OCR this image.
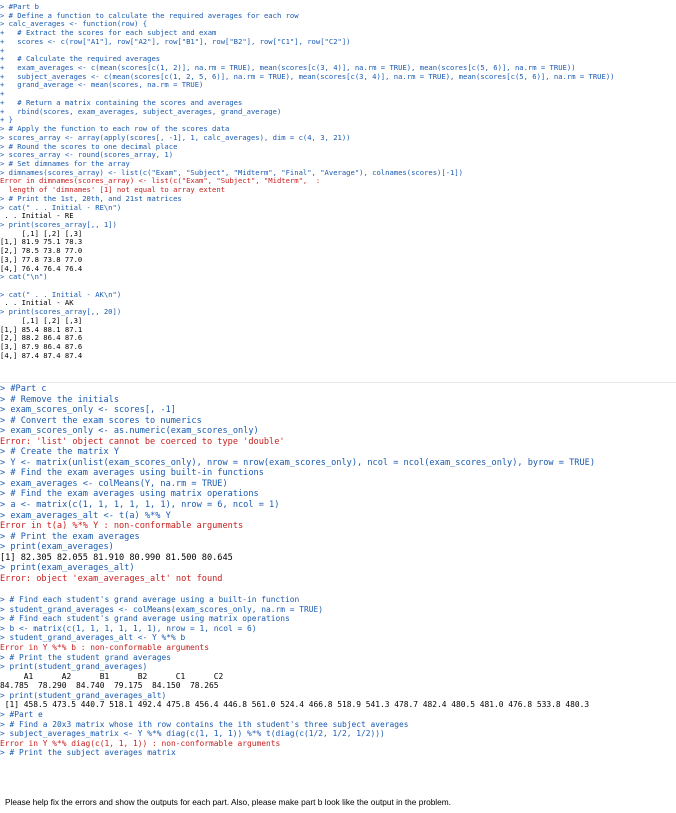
> #Part b
> # Define a function to calculate the required averages for each row
> calc_averages <- function(row) {
+   # Extract the scores for each subject and exam
+   scores <- c(row["A1"], row["A2"], row["B1"], row["B2"], row["C1"], row["C2"])
+
+   # Calculate the required averages
+   exam_averages <- c(mean(scores[c(1, 2)], na.rm = TRUE), mean(scores[c(3, 4)], na.rm = TRUE), mean(scores[c(5, 6)], na.rm = TRUE))
+   subject_averages <- c(mean(scores[c(1, 2, 5, 6)], na.rm = TRUE), mean(scores[c(3, 4)], na.rm = TRUE), mean(scores[c(5, 6)], na.rm = TRUE))
+   grand_average <- mean(scores, na.rm = TRUE)
+
+   # Return a matrix containing the scores and averages
+   rbind(scores, exam_averages, subject_averages, grand_average)
+ }
> # Apply the function to each row of the scores data
> scores_array <- array(apply(scores[, -1], 1, calc_averages), dim = c(4, 3, 21))
> # Round the scores to one decimal place
> scores_array <- round(scores_array, 1)
> # Set dimnames for the array
> dimnames(scores_array) <- list(c("Exam", "Subject", "Midterm", "Final", "Average"), colnames(scores)[-1])
Error in dimnames(scores_array) <- list(c("Exam", "Subject", "Midterm",  :
length of 'dimnames' [1] not equal to array extent
> # Print the 1st, 20th, and 21st matrices
> cat(" . . Initial - RE\n")
. . Initial - RE
> print(scores_array[,, 1])
[,1] [,2] [,3]
[1,] 81.9 75.1 78.3
[2,] 78.5 73.8 77.0
[3,] 77.8 73.8 77.0
[4,] 76.4 76.4 76.4
> cat("\n")

> cat(" . . Initial - AK\n")
. . Initial - AK
> print(scores_array[,, 20])
[,1] [,2] [,3]
[1,] 85.4 88.1 87.1
[2,] 88.2 86.4 87.6
[3,] 87.9 86.4 87.6
[4,] 87.4 87.4 87.4
> #Part c
> # Remove the initials
> exam_scores_only <- scores[, -1]
> # Convert the exam scores to numerics
> exam_scores_only <- as.numeric(exam_scores_only)
Error: 'list' object cannot be coerced to type 'double'
> # Create the matrix Y
> Y <- matrix(unlist(exam_scores_only), nrow = nrow(exam_scores_only), ncol = ncol(exam_scores_only), byrow = TRUE)
> # Find the exam averages using built-in functions
> exam_averages <- colMeans(Y, na.rm = TRUE)
> # Find the exam averages using matrix operations
> a <- matrix(c(1, 1, 1, 1, 1, 1), nrow = 6, ncol = 1)
> exam_averages_alt <- t(a) %*% Y
Error in t(a) %*% Y : non-conformable arguments
> # Print the exam averages
> print(exam_averages)
[1] 82.305 82.055 81.910 80.990 81.500 80.645
> print(exam_averages_alt)
Error: object 'exam_averages_alt' not found

> # Find each student's grand average using a built-in function
> student_grand_averages <- colMeans(exam_scores_only, na.rm = TRUE)
> # Find each student's grand average using matrix operations
> b <- matrix(c(1, 1, 1, 1, 1, 1), nrow = 1, ncol = 6)
> student_grand_averages_alt <- Y %*% b
Error in Y %*% b : non-conformable arguments
> # Print the student grand averages
> print(student_grand_averages)
A1      A2      B1      B2      C1      C2
84.785  78.290  84.740  79.175  84.150  78.265
> print(student_grand_averages_alt)
[1] 458.5 473.5 440.7 518.1 492.4 475.8 456.4 446.8 561.0 524.4 466.8 518.9 541.3 478.7 482.4 480.5 481.0 476.8 533.8 480.3
> #Part e
> # Find a 20x3 matrix whose ith row contains the ith student's three subject averages
> subject_averages_matrix <- Y %*% diag(c(1, 1, 1)) %*% t(diag(c(1/2, 1/2, 1/2)))
Error in Y %*% diag(c(1, 1, 1)) : non-conformable arguments
> # Print the subject averages matrix
Please help fix the errors and show the outputs for each part. Also, please make part b look like the output in the problem.
